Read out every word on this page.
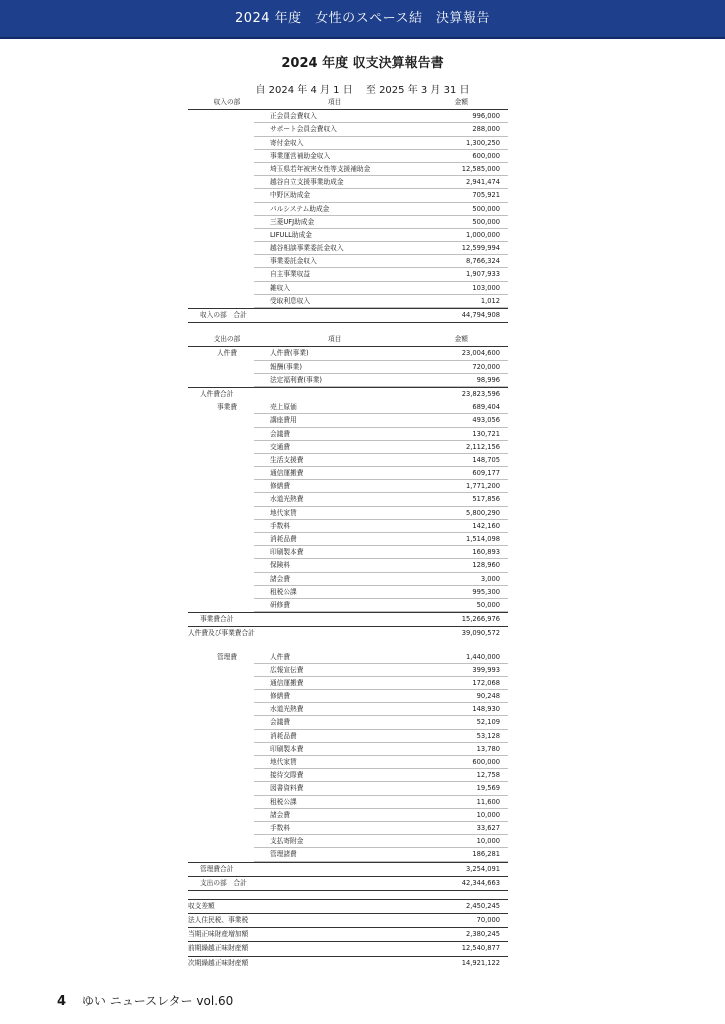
2024 年度　女性のスペース結　決算報告
2024 年度 収支決算報告書
自 2024 年 4 月 1 日　 至 2025 年 3 月 31 日
収入の部	項目	金額
正会員会費収入	996,000
サポート会員会費収入	288,000
寄付金収入	1,300,250
事業運営補助金収入	600,000
埼玉県若年被害女性等支援補助金	12,585,000
越谷自立支援事業助成金	2,941,474
中野区助成金	705,921
パルシステム助成金	500,000
三菱UFJ助成金	500,000
LIFULL助成金	1,000,000
越谷相談事業委託金収入	12,599,994
事業委託金収入	8,766,324
自主事業収益	1,907,933
雑収入	103,000
受取利息収入	1,012
収入の部　合計	44,794,908
支出の部	項目	金額
人件費	人件費(事業)	23,004,600
報酬(事業)	720,000
法定福利費(事業)	98,996
人件費合計	23,823,596
事業費	売上原価	689,404
講座費用	493,056
会議費	130,721
交通費	2,112,156
生活支援費	148,705
通信運搬費	609,177
修繕費	1,771,200
水道光熱費	517,856
地代家賃	5,800,290
手数料	142,160
消耗品費	1,514,098
印刷製本費	160,893
保険料	128,960
諸会費	3,000
租税公課	995,300
研修費	50,000
事業費合計	15,266,976
人件費及び事業費合計	39,090,572
管理費	人件費	1,440,000
広報宣伝費	399,993
通信運搬費	172,068
修繕費	90,248
水道光熱費	148,930
会議費	52,109
消耗品費	53,128
印刷製本費	13,780
地代家賃	600,000
接待交際費	12,758
図書資料費	19,569
租税公課	11,600
諸会費	10,000
手数料	33,627
支払寄附金	10,000
管理諸費	186,281
管理費合計	3,254,091
支出の部　合計	42,344,663
収支差額	2,450,245
法人住民税、事業税	70,000
当期正味財産増加額	2,380,245
前期繰越正味財産額	12,540,877
次期繰越正味財産額	14,921,122
4 ゆい ニュースレター vol.60
